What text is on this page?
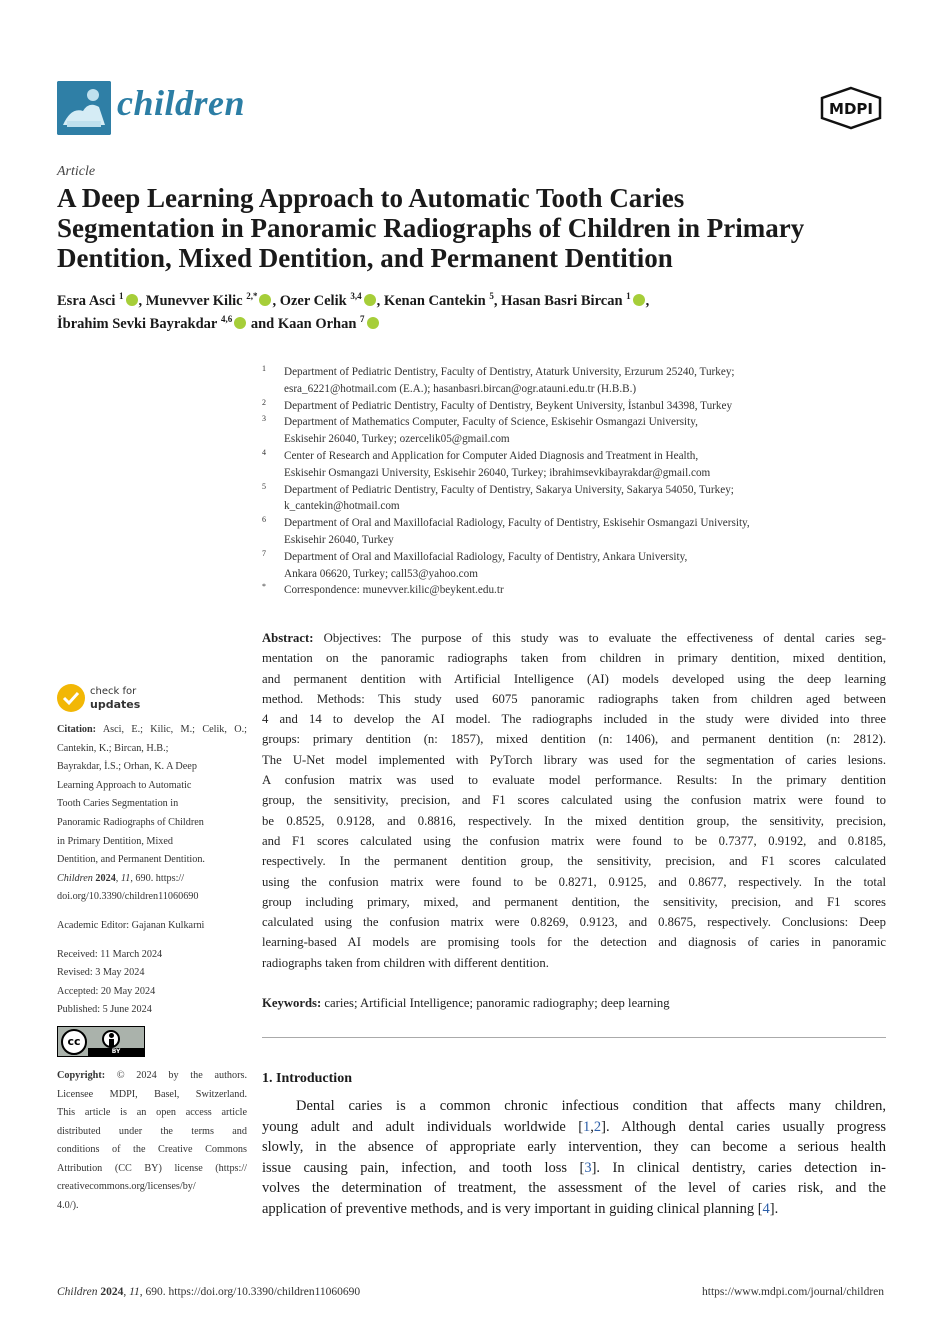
children	MDPI
Article
A Deep Learning Approach to Automatic Tooth Caries
Segmentation in Panoramic Radiographs of Children in Primary
Dentition, Mixed Dentition, and Permanent Dentition
Esra Asci $^1$ , Munevver Kilic $^{2,*}$ , Ozer Celik $^{3,4}$ , Kenan Cantekin $^5$, Hasan Basri Bircan $^1$ ,
İbrahim Sevki Bayrakdar $^{4,6}$ and Kaan Orhan $^7$
1 Department of Pediatric Dentistry, Faculty of Dentistry, Ataturk University, Erzurum 25240, Turkey;
esra_6221@hotmail.com (E.A.); hasanbasri.bircan@ogr.atauni.edu.tr (H.B.B.)
2 Department of Pediatric Dentistry, Faculty of Dentistry, Beykent University, İstanbul 34398, Turkey
3 Department of Mathematics Computer, Faculty of Science, Eskisehir Osmangazi University,
Eskisehir 26040, Turkey; ozercelik05@gmail.com
4 Center of Research and Application for Computer Aided Diagnosis and Treatment in Health,
Eskisehir Osmangazi University, Eskisehir 26040, Turkey; ibrahimsevkibayrakdar@gmail.com
5 Department of Pediatric Dentistry, Faculty of Dentistry, Sakarya University, Sakarya 54050, Turkey;
k_cantekin@hotmail.com
6 Department of Oral and Maxillofacial Radiology, Faculty of Dentistry, Eskisehir Osmangazi University,
Eskisehir 26040, Turkey
7 Department of Oral and Maxillofacial Radiology, Faculty of Dentistry, Ankara University,
Ankara 06620, Turkey; call53@yahoo.com
* Correspondence: munevver.kilic@beykent.edu.tr
Abstract: Objectives: The purpose of this study was to evaluate the effectiveness of dental caries seg-
mentation on the panoramic radiographs taken from children in primary dentition, mixed dentition,
and permanent dentition with Artificial Intelligence (AI) models developed using the deep learning
method. Methods: This study used 6075 panoramic radiographs taken from children aged between
4 and 14 to develop the AI model. The radiographs included in the study were divided into three
groups: primary dentition (n: 1857), mixed dentition (n: 1406), and permanent dentition (n: 2812).
The U-Net model implemented with PyTorch library was used for the segmentation of caries lesions.
A confusion matrix was used to evaluate model performance. Results: In the primary dentition
group, the sensitivity, precision, and F1 scores calculated using the confusion matrix were found to
be 0.8525, 0.9128, and 0.8816, respectively. In the mixed dentition group, the sensitivity, precision,
and F1 scores calculated using the confusion matrix were found to be 0.7377, 0.9192, and 0.8185,
respectively. In the permanent dentition group, the sensitivity, precision, and F1 scores calculated
using the confusion matrix were found to be 0.8271, 0.9125, and 0.8677, respectively. In the total
group including primary, mixed, and permanent dentition, the sensitivity, precision, and F1 scores
calculated using the confusion matrix were 0.8269, 0.9123, and 0.8675, respectively. Conclusions: Deep
learning-based AI models are promising tools for the detection and diagnosis of caries in panoramic
radiographs taken from children with different dentition.
Keywords: caries; Artificial Intelligence; panoramic radiography; deep learning
1. Introduction
Dental caries is a common chronic infectious condition that affects many children,
young adult and adult individuals worldwide [1,2]. Although dental caries usually progress
slowly, in the absence of appropriate early intervention, they can become a serious health
issue causing pain, infection, and tooth loss [3]. In clinical dentistry, caries detection in-
volves the determination of treatment, the assessment of the level of caries risk, and the
application of preventive methods, and is very important in guiding clinical planning [4].
check for
updates
Citation: Asci, E.; Kilic, M.; Celik, O.;
Cantekin, K.; Bircan, H.B.;
Bayrakdar, İ.S.; Orhan, K. A Deep
Learning Approach to Automatic
Tooth Caries Segmentation in
Panoramic Radiographs of Children
in Primary Dentition, Mixed
Dentition, and Permanent Dentition.
Children 2024, 11, 690. https://
doi.org/10.3390/children11060690
Academic Editor: Gajanan Kulkarni
Received: 11 March 2024
Revised: 3 May 2024
Accepted: 20 May 2024
Published: 5 June 2024
cc
BY
Copyright: © 2024 by the authors.
Licensee MDPI, Basel, Switzerland.
This article is an open access article
distributed under the terms and
conditions of the Creative Commons
Attribution (CC BY) license (https://
creativecommons.org/licenses/by/
4.0/).
Children 2024, 11, 690. https://doi.org/10.3390/children11060690	https://www.mdpi.com/journal/children
